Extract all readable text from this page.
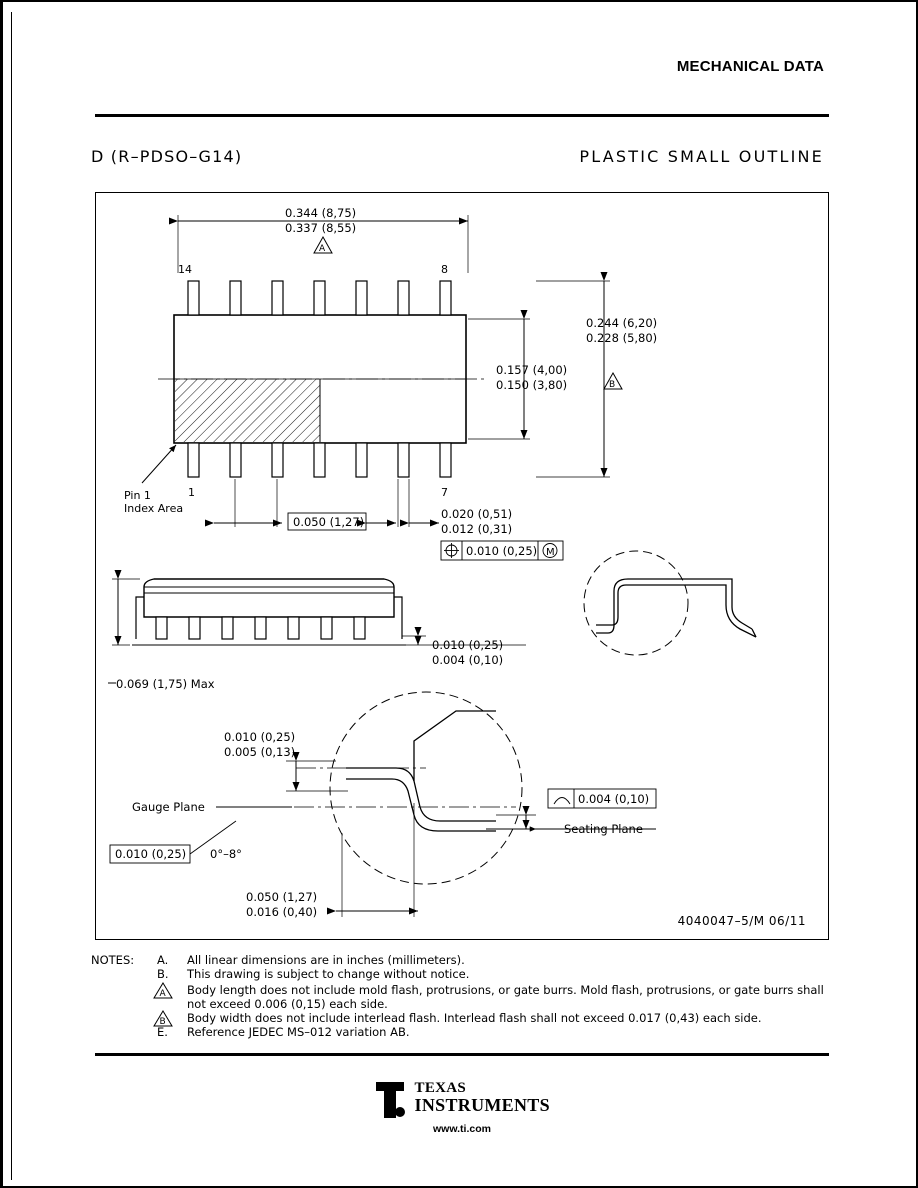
MECHANICAL DATA
D (R–PDSO–G14)	PLASTIC SMALL OUTLINE
0.344 (8,75)
0.337 (8,55)
A
14	8
1	7
Pin 1
Index Area
0.157 (4,00)
0.150 (3,80)	B
0.244 (6,20)
0.228 (5,80)
0.050 (1,27)
0.020 (0,51)
0.012 (0,31)
0.010 (0,25) M
0.069 (1,75) Max
0.010 (0,25)
0.004 (0,10)
0.010 (0,25)
0.005 (0,13)
Gauge Plane
0.010 (0,25) 0°–8°
0.050 (1,27)
0.016 (0,40)
0.004 (0,10)
Seating Plane
4040047–5/M 06/11
NOTES: A. All linear dimensions are in inches (millimeters).
B. This drawing is subject to change without notice.
A Body length does not include mold flash, protrusions, or gate burrs. Mold flash, protrusions, or gate burrs shall
not exceed 0.006 (0,15) each side.
B Body width does not include interlead flash. Interlead flash shall not exceed 0.017 (0,43) each side.
E. Reference JEDEC MS–012 variation AB.

TEXAS
INSTRUMENTS
www.ti.com
